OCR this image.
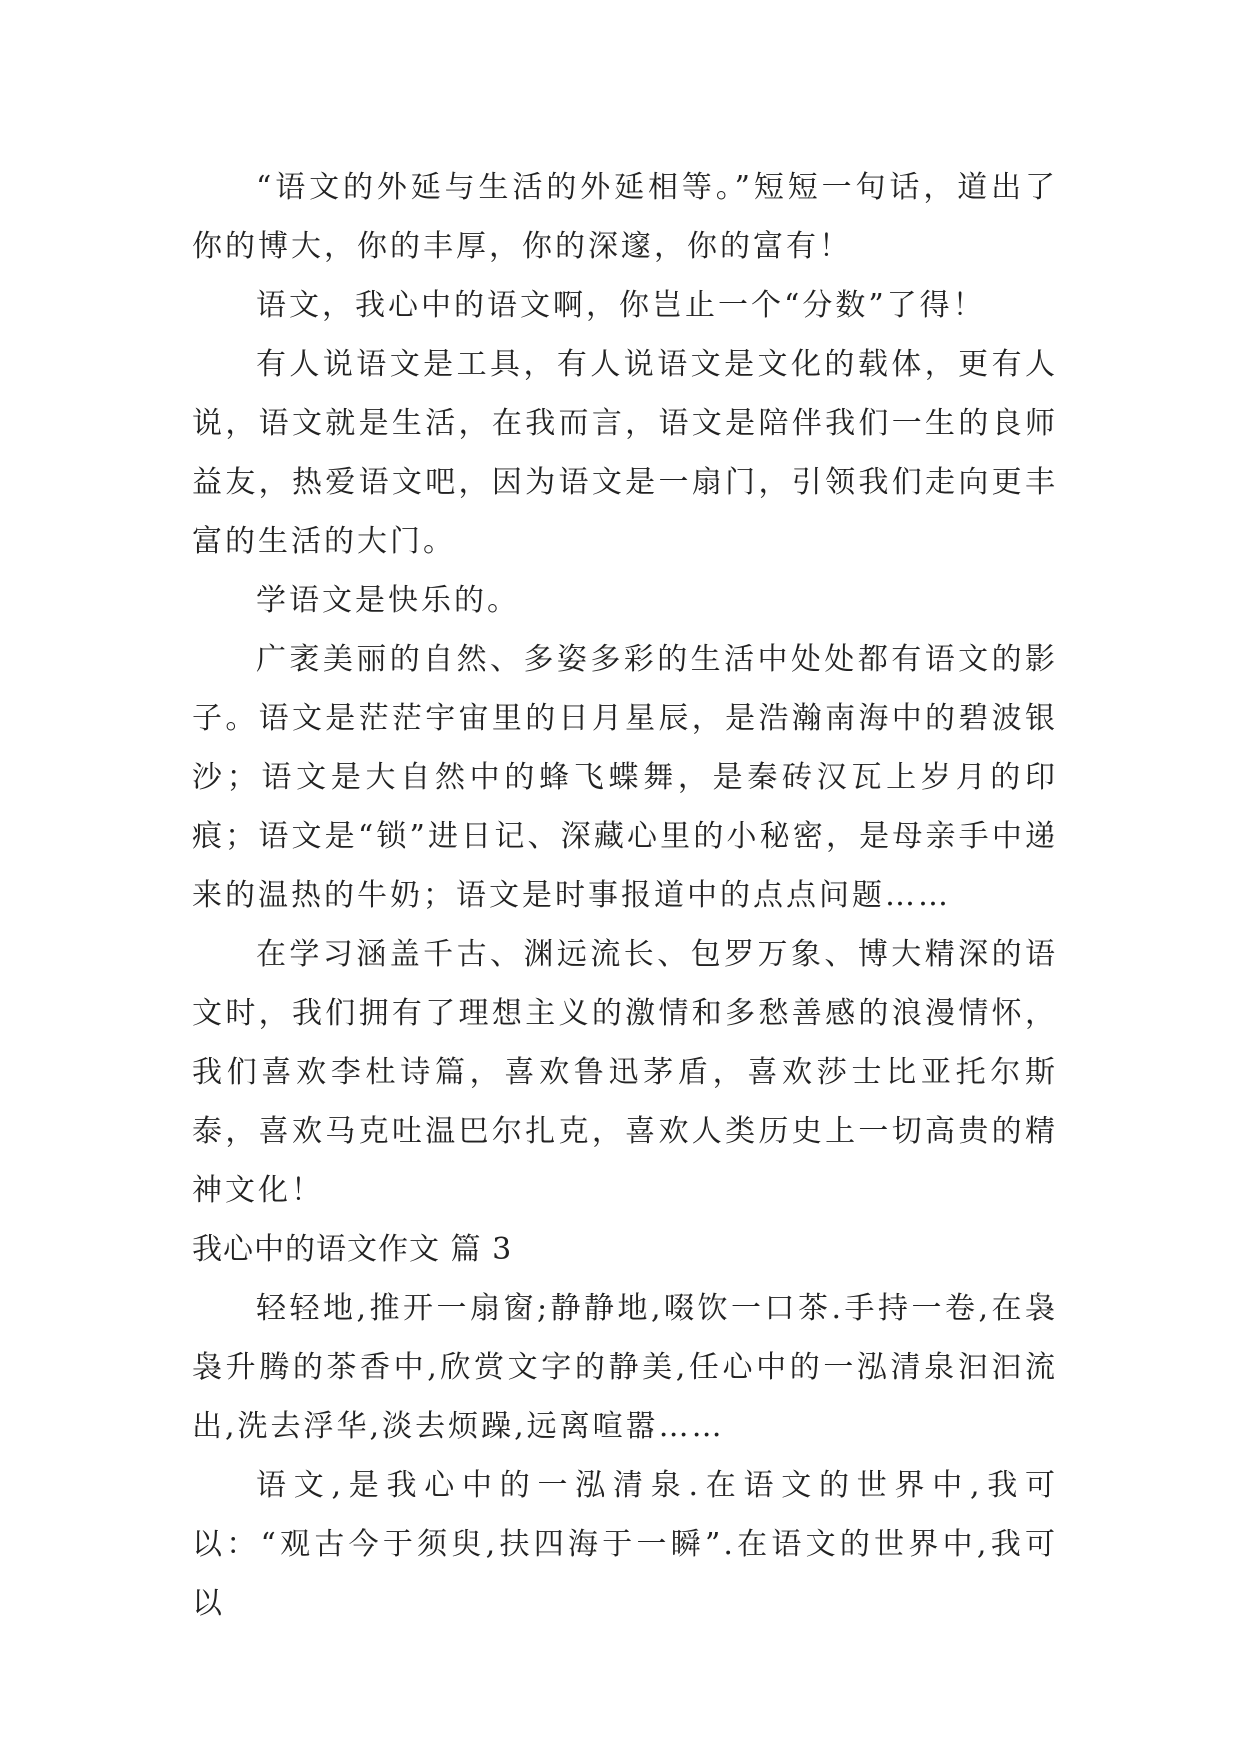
“语文的外延与生活的外延相等。”短短一句话，道出了你的博大，你的丰厚，你的深邃，你的富有！

语文，我心中的语文啊，你岂止一个“分数”了得！

有人说语文是工具，有人说语文是文化的载体，更有人说，语文就是生活，在我而言，语文是陪伴我们一生的良师益友，热爱语文吧，因为语文是一扇门，引领我们走向更丰富的生活的大门。

学语文是快乐的。

广袤美丽的自然、多姿多彩的生活中处处都有语文的影子。语文是茫茫宇宙里的日月星辰，是浩瀚南海中的碧波银沙；语文是大自然中的蜂飞蝶舞，是秦砖汉瓦上岁月的印痕；语文是“锁”进日记、深藏心里的小秘密，是母亲手中递来的温热的牛奶；语文是时事报道中的点点问题……

在学习涵盖千古、渊远流长、包罗万象、博大精深的语文时，我们拥有了理想主义的激情和多愁善感的浪漫情怀，我们喜欢李杜诗篇，喜欢鲁迅茅盾，喜欢莎士比亚托尔斯泰，喜欢马克吐温巴尔扎克，喜欢人类历史上一切高贵的精神文化！

我心中的语文作文 篇 3

轻轻地,推开一扇窗;静静地,啜饮一口茶.手持一卷,在袅袅升腾的茶香中,欣赏文字的静美,任心中的一泓清泉汩汩流出,洗去浮华,淡去烦躁,远离喧嚣……

语文,是我心中的一泓清泉.在语文的世界中,我可以：“观古今于须臾,扶四海于一瞬”.在语文的世界中,我可以
